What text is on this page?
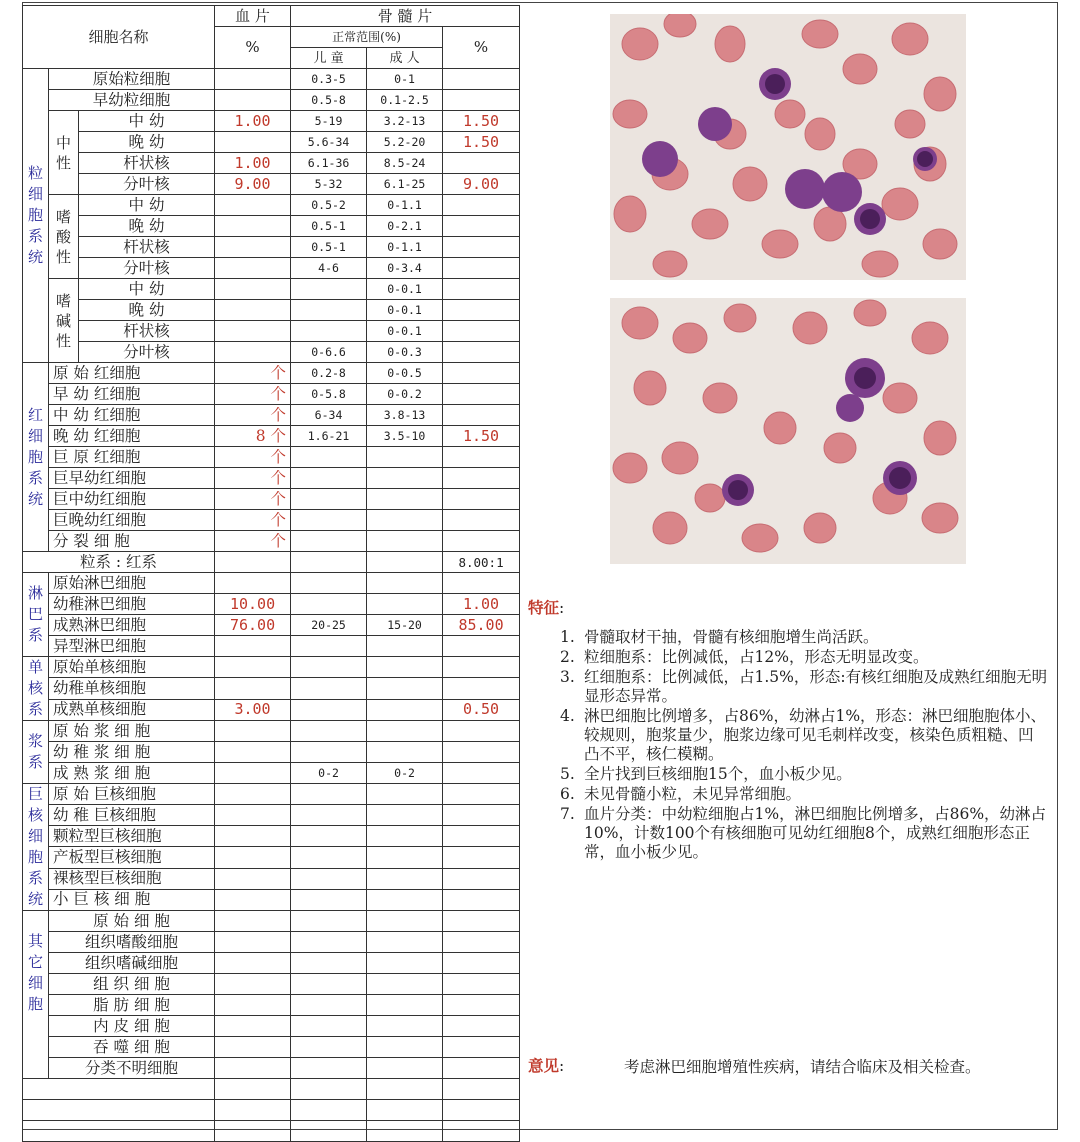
细胞名称			血 片	骨 髓 片		
			%	正常范围(%)		%
				儿 童	成 人	
粒细胞系统	原始粒细胞			0.3-5	0-1	
	早幼粒细胞			0.5-8	0.1-2.5	
	中性	中 幼	1.00	5-19	3.2-13	1.50
		晚 幼		5.6-34	5.2-20	1.50
		杆状核	1.00	6.1-36	8.5-24	
		分叶核	9.00	5-32	6.1-25	9.00
	嗜酸性	中 幼		0.5-2	0-1.1	
		晚 幼		0.5-1	0-2.1	
		杆状核		0.5-1	0-1.1	
		分叶核		4-6	0-3.4	
	嗜碱性	中 幼			0-0.1	
		晚 幼			0-0.1	
		杆状核			0-0.1	
		分叶核		0-6.6	0-0.3	
红细胞系统	原 始 红细胞		个	0.2-8	0-0.5	
	早 幼 红细胞		个	0-5.8	0-0.2	
	中 幼 红细胞		个	6-34	3.8-13	
	晚 幼 红细胞		8 个	1.6-21	3.5-10	1.50
	巨 原 红细胞		个			
	巨早幼红细胞		个			
	巨中幼红细胞		个			
	巨晚幼红细胞		个			
	分 裂 细 胞		个			
粒系 : 红系						8.00:1
淋巴系	原始淋巴细胞					
	幼稚淋巴细胞		10.00			1.00
	成熟淋巴细胞		76.00	20-25	15-20	85.00
	异型淋巴细胞					
单核系	原始单核细胞					
	幼稚单核细胞					
	成熟单核细胞		3.00			0.50
浆系	原 始 浆 细 胞					
	幼 稚 浆 细 胞					
	成 熟 浆 细 胞			0-2	0-2	
巨核细胞系统	原 始 巨核细胞					
	幼 稚 巨核细胞					
	颗粒型巨核细胞					
	产板型巨核细胞					
	裸核型巨核细胞					
	小 巨 核 细 胞					
其它细胞	原 始 细 胞					
	组织嗜酸细胞					
	组织嗜碱细胞					
	组 织 细 胞					
	脂 肪 细 胞					
	内 皮 细 胞					
	吞 噬 细 胞					
	分类不明细胞					

特征:
1. 骨髓取材干抽，骨髓有核细胞增生尚活跃。
2. 粒细胞系：比例减低，占12%，形态无明显改变。
3. 红细胞系：比例减低，占1.5%，形态:有核红细胞及成熟红细胞无明显形态异常。
4. 淋巴细胞比例增多，占86%，幼淋占1%，形态：淋巴细胞胞体小、较规则，胞浆量少，胞浆边缘可见毛刺样改变，核染色质粗糙、凹凸不平，核仁模糊。
5. 全片找到巨核细胞15个，血小板少见。
6. 未见骨髓小粒，未见异常细胞。
7. 血片分类：中幼粒细胞占1%，淋巴细胞比例增多，占86%，幼淋占10%，计数100个有核细胞可见幼红细胞8个，成熟红细胞形态正常，血小板少见。
意见:	考虑淋巴细胞增殖性疾病，请结合临床及相关检查。
